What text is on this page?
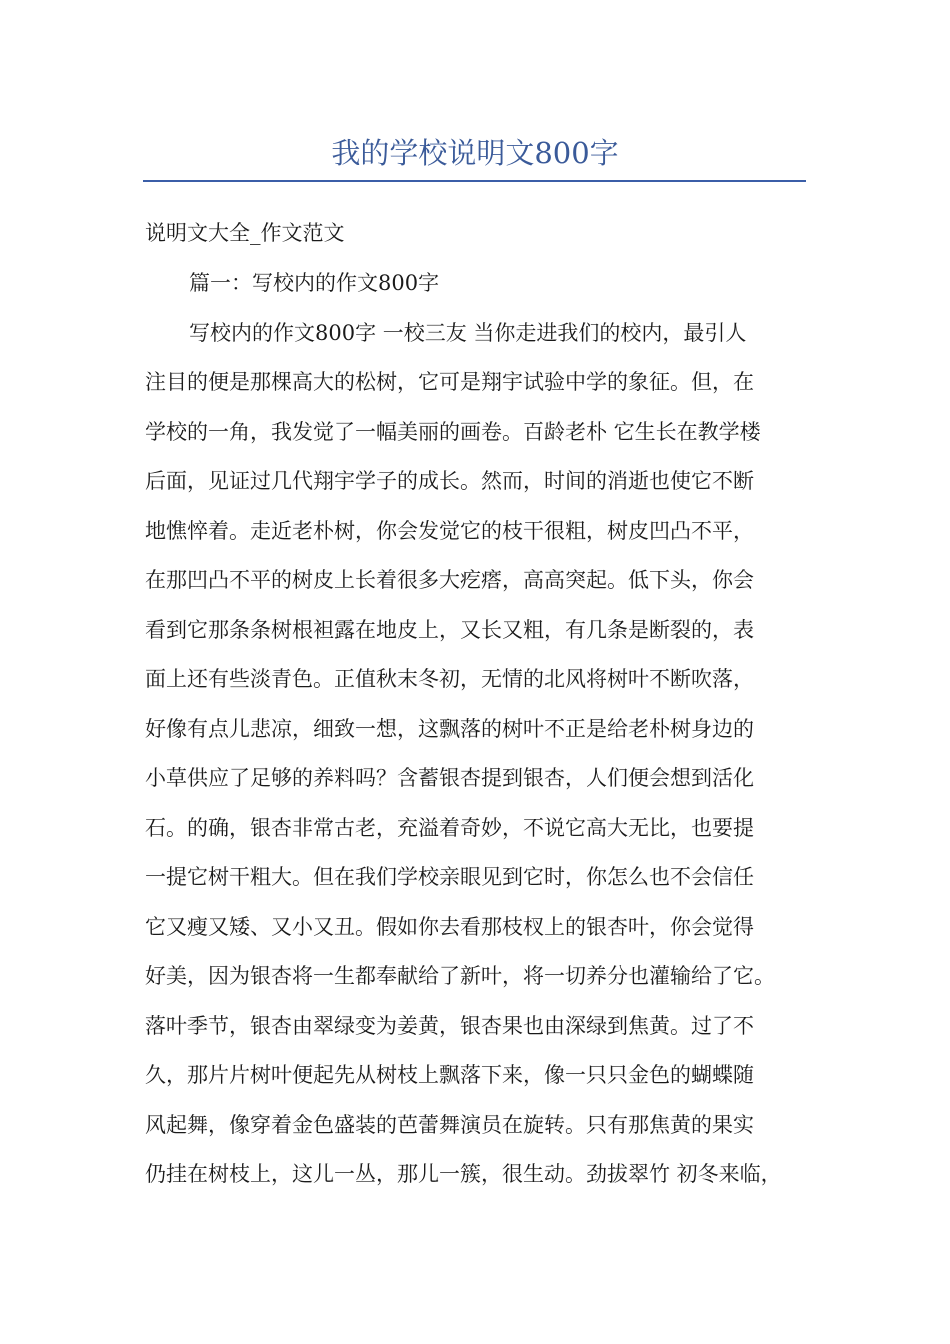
我的学校说明文800字

说明文大全_作文范文

篇一：写校内的作文800字

写校内的作文800字 一校三友 当你走进我们的校内，最引人

注目的便是那棵高大的松树，它可是翔宇试验中学的象征。但，在

学校的一角，我发觉了一幅美丽的画卷。百龄老朴 它生长在教学楼

后面，见证过几代翔宇学子的成长。然而，时间的消逝也使它不断

地憔悴着。走近老朴树，你会发觉它的枝干很粗，树皮凹凸不平，

在那凹凸不平的树皮上长着很多大疙瘩，高高突起。低下头，你会

看到它那条条树根袒露在地皮上，又长又粗，有几条是断裂的，表

面上还有些淡青色。正值秋末冬初，无情的北风将树叶不断吹落，

好像有点儿悲凉，细致一想，这飘落的树叶不正是给老朴树身边的

小草供应了足够的养料吗？含蓄银杏提到银杏，人们便会想到活化

石。的确，银杏非常古老，充溢着奇妙，不说它高大无比，也要提

一提它树干粗大。但在我们学校亲眼见到它时，你怎么也不会信任

它又瘦又矮、又小又丑。假如你去看那枝杈上的银杏叶，你会觉得

好美，因为银杏将一生都奉献给了新叶，将一切养分也灌输给了它。

落叶季节，银杏由翠绿变为姜黄，银杏果也由深绿到焦黄。过了不

久，那片片树叶便起先从树枝上飘落下来，像一只只金色的蝴蝶随

风起舞，像穿着金色盛装的芭蕾舞演员在旋转。只有那焦黄的果实

仍挂在树枝上，这儿一丛，那儿一簇，很生动。劲拔翠竹 初冬来临，
